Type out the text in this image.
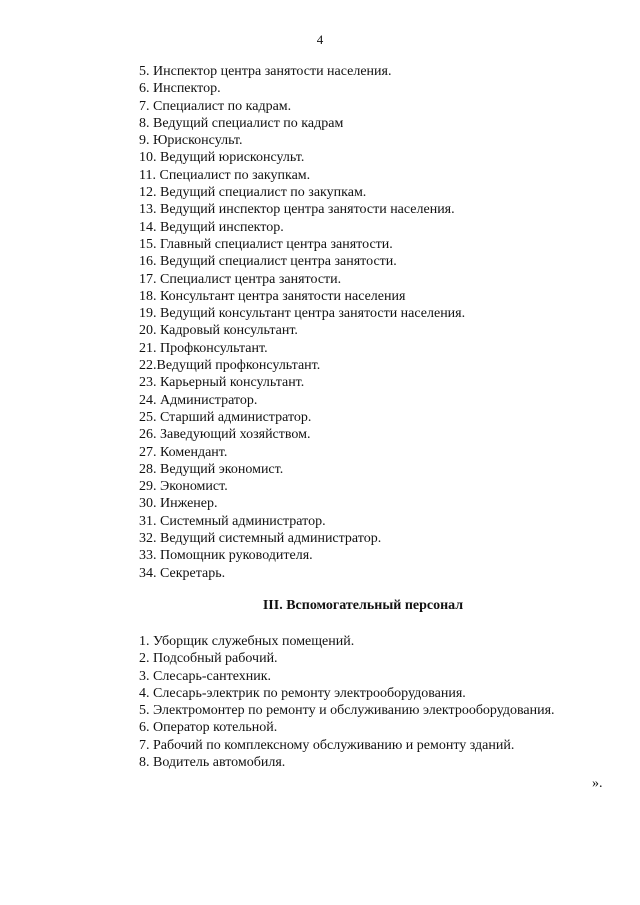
4
5. Инспектор центра занятости населения.
6. Инспектор.
7. Специалист по кадрам.
8. Ведущий специалист по кадрам
9. Юрисконсульт.
10. Ведущий юрисконсульт.
11. Специалист по закупкам.
12. Ведущий специалист по закупкам.
13. Ведущий инспектор центра занятости населения.
14. Ведущий инспектор.
15. Главный специалист центра занятости.
16. Ведущий специалист центра занятости.
17. Специалист центра занятости.
18. Консультант центра занятости населения
19. Ведущий консультант центра занятости населения.
20. Кадровый консультант.
21. Профконсультант.
22.Ведущий профконсультант.
23. Карьерный консультант.
24. Администратор.
25. Старший администратор.
26. Заведующий хозяйством.
27. Комендант.
28. Ведущий экономист.
29. Экономист.
30. Инженер.
31. Системный администратор.
32. Ведущий системный администратор.
33. Помощник руководителя.
34. Секретарь.
III. Вспомогательный персонал
1. Уборщик служебных помещений.
2. Подсобный рабочий.
3. Слесарь-сантехник.
4. Слесарь-электрик по ремонту электрооборудования.
5. Электромонтер по ремонту и обслуживанию электрооборудования.
6. Оператор котельной.
7. Рабочий по комплексному обслуживанию и ремонту зданий.
8. Водитель автомобиля.
».
